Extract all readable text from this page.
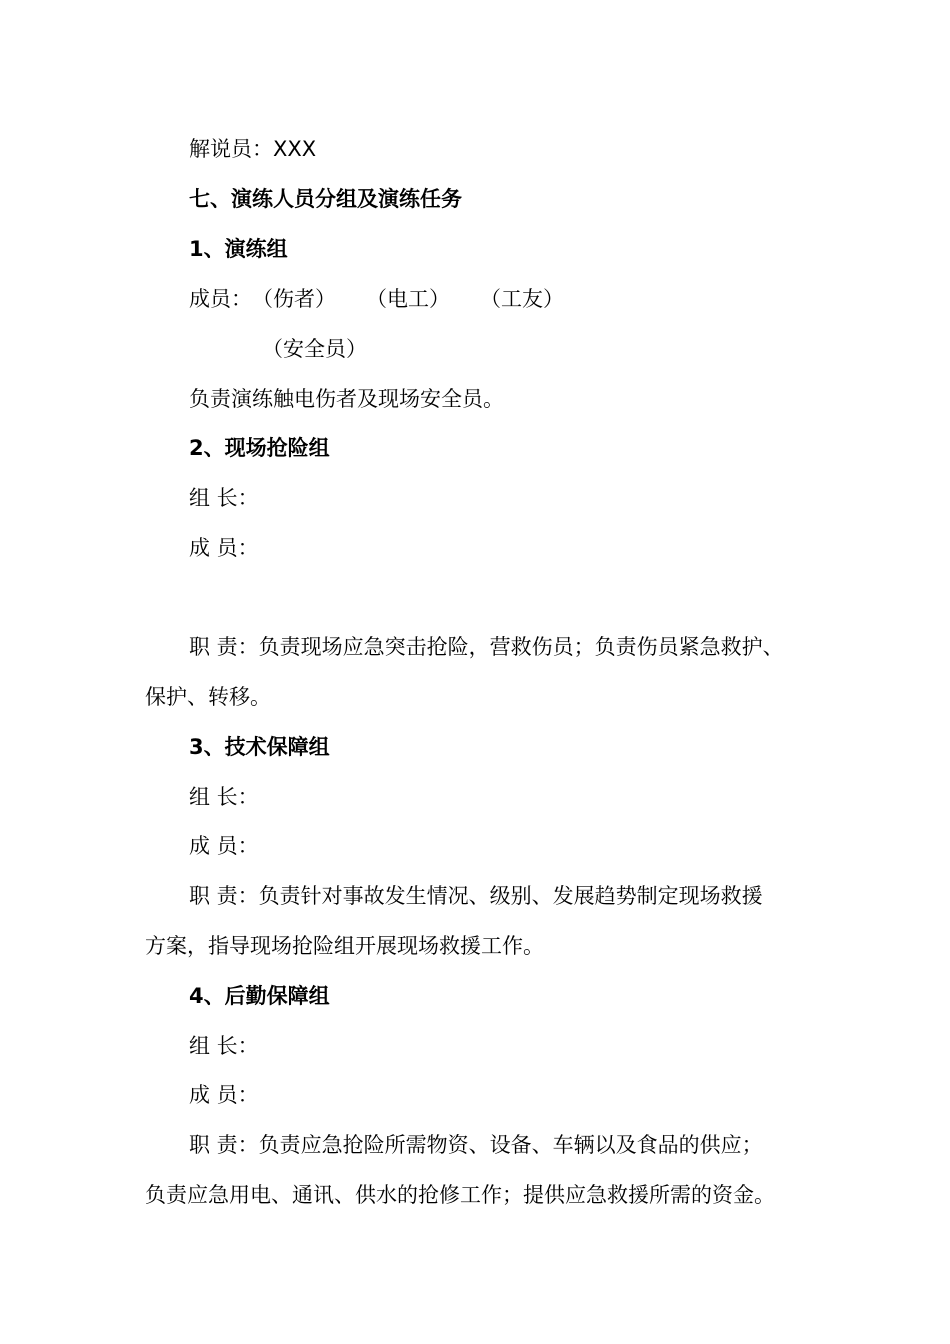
解说员：XXX

七、演练人员分组及演练任务

1、演练组

成员：（伤者） （电工） （工友）

（安全员）

负责演练触电伤者及现场安全员。

2、现场抢险组

组 长：

成 员：

职 责：负责现场应急突击抢险，营救伤员；负责伤员紧急救护、

保护、转移。

3、技术保障组

组 长：

成 员：

职 责：负责针对事故发生情况、级别、发展趋势制定现场救援

方案，指导现场抢险组开展现场救援工作。

4、后勤保障组

组 长：

成 员：

职 责：负责应急抢险所需物资、设备、车辆以及食品的供应；

负责应急用电、通讯、供水的抢修工作；提供应急救援所需的资金。
